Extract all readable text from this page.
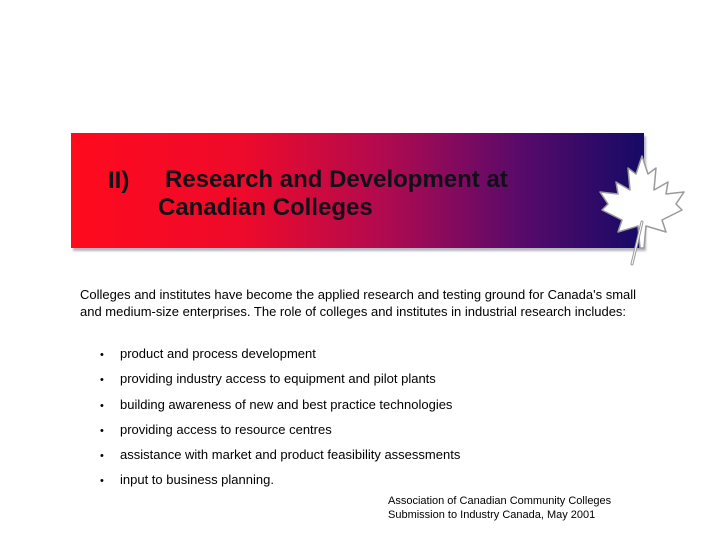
II) Research and Development at
Canadian Colleges
Colleges and institutes have become the applied research and testing ground for Canada's small and medium-size enterprises. The role of colleges and institutes in industrial research includes:
• product and process development
• providing industry access to equipment and pilot plants
• building awareness of new and best practice technologies
• providing access to resource centres
• assistance with market and product feasibility assessments
• input to business planning.
Association of Canadian Community Colleges
Submission to Industry Canada, May 2001
